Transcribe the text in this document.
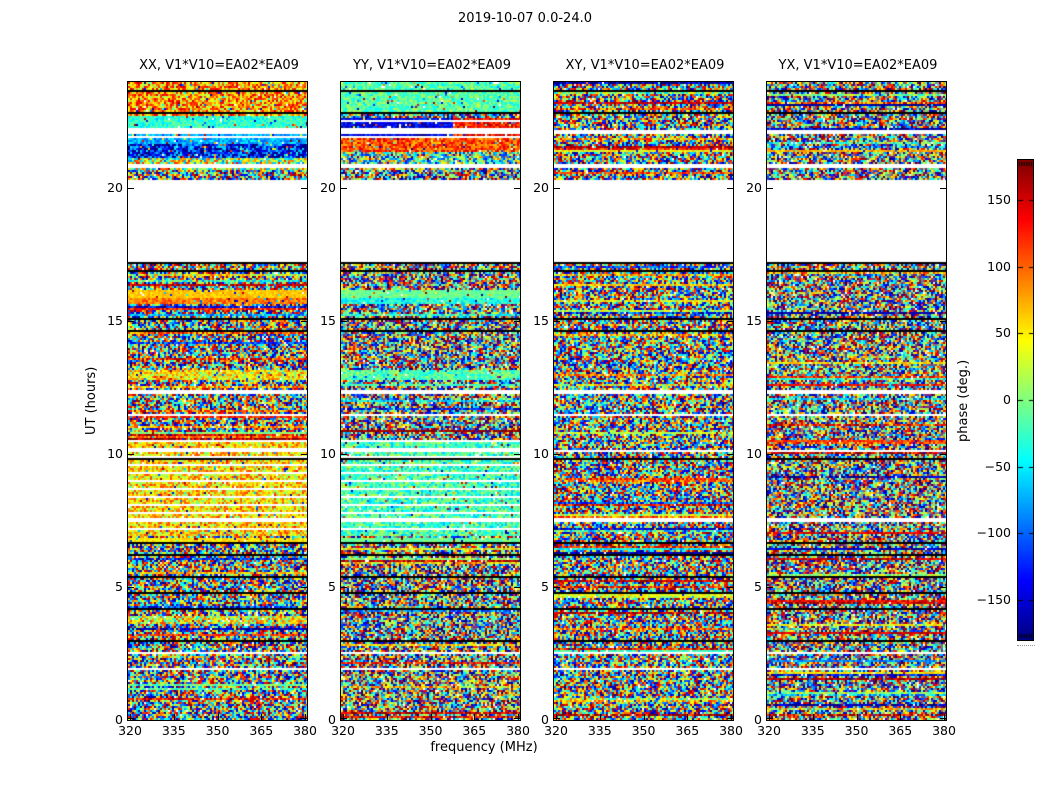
2019-10-07 0.0-24.0
UT (hours)
frequency (MHz)
XX, V1*V10=EA02*EA09	YY, V1*V10=EA02*EA09	XY, V1*V10=EA02*EA09	YX, V1*V10=EA02*EA09
0
5
10
15
20
320	335	350	365	380
0
5
10
15
20
320	335	350	365	380
0
5
10
15
20
320	335	350	365	380
0
5
10
15
20
320	335	350	365	380
phase (deg.)
150
100
50
0
−50
−100
−150
